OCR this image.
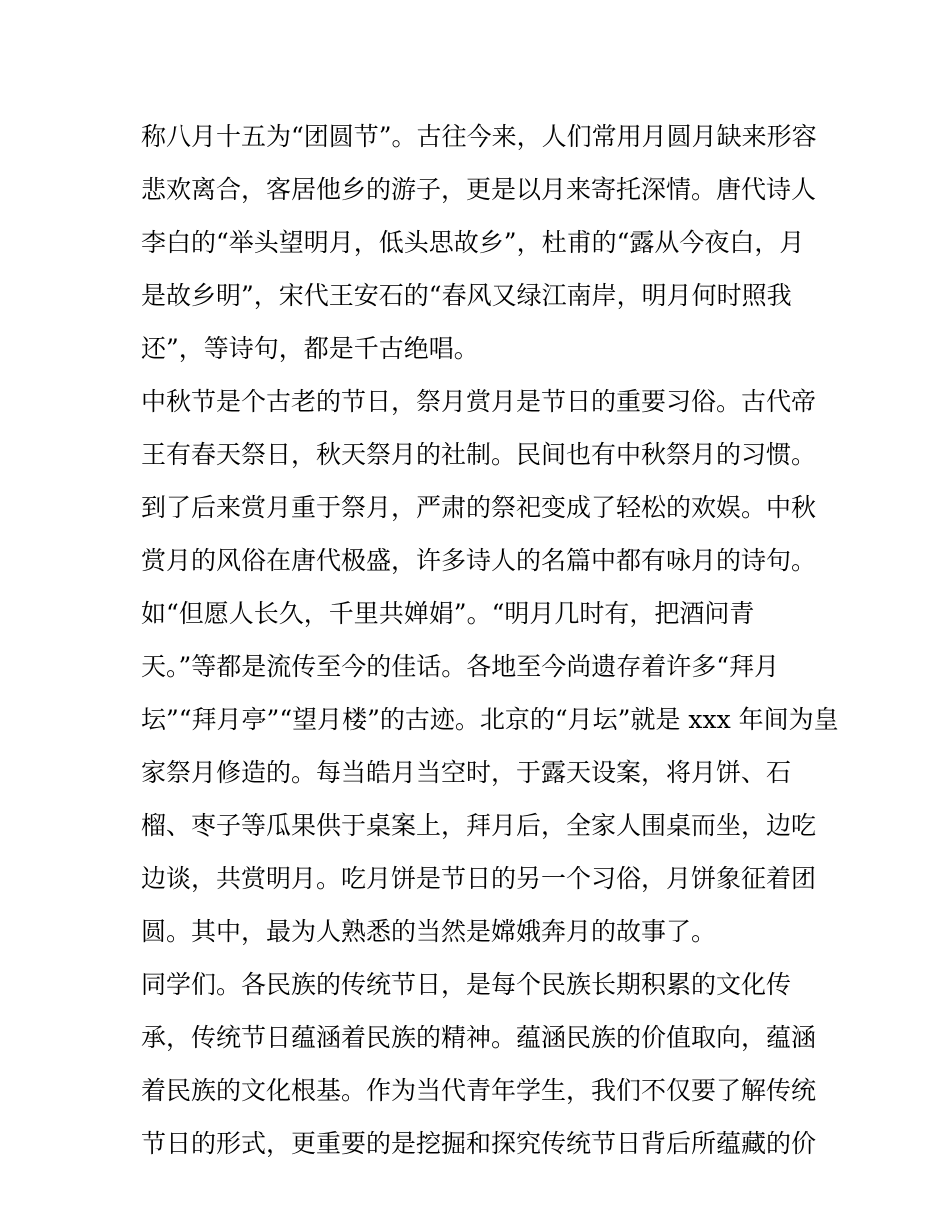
称八月十五为“团圆节”。古往今来，人们常用月圆月缺来形容
悲欢离合，客居他乡的游子，更是以月来寄托深情。唐代诗人
李白的“举头望明月，低头思故乡”，杜甫的“露从今夜白，月
是故乡明”，宋代王安石的“春风又绿江南岸，明月何时照我
还”，等诗句，都是千古绝唱。
中秋节是个古老的节日，祭月赏月是节日的重要习俗。古代帝
王有春天祭日，秋天祭月的社制。民间也有中秋祭月的习惯。
到了后来赏月重于祭月，严肃的祭祀变成了轻松的欢娱。中秋
赏月的风俗在唐代极盛，许多诗人的名篇中都有咏月的诗句。
如“但愿人长久，千里共婵娟”。“明月几时有，把酒问青
天。”等都是流传至今的佳话。各地至今尚遗存着许多“拜月
坛”“拜月亭”“望月楼”的古迹。北京的“月坛”就是 xxx 年间为皇
家祭月修造的。每当皓月当空时，于露天设案，将月饼、石
榴、枣子等瓜果供于桌案上，拜月后，全家人围桌而坐，边吃
边谈，共赏明月。吃月饼是节日的另一个习俗，月饼象征着团
圆。其中，最为人熟悉的当然是嫦娥奔月的故事了。
同学们。各民族的传统节日，是每个民族长期积累的文化传
承，传统节日蕴涵着民族的精神。蕴涵民族的价值取向，蕴涵
着民族的文化根基。作为当代青年学生，我们不仅要了解传统
节日的形式，更重要的是挖掘和探究传统节日背后所蕴藏的价
